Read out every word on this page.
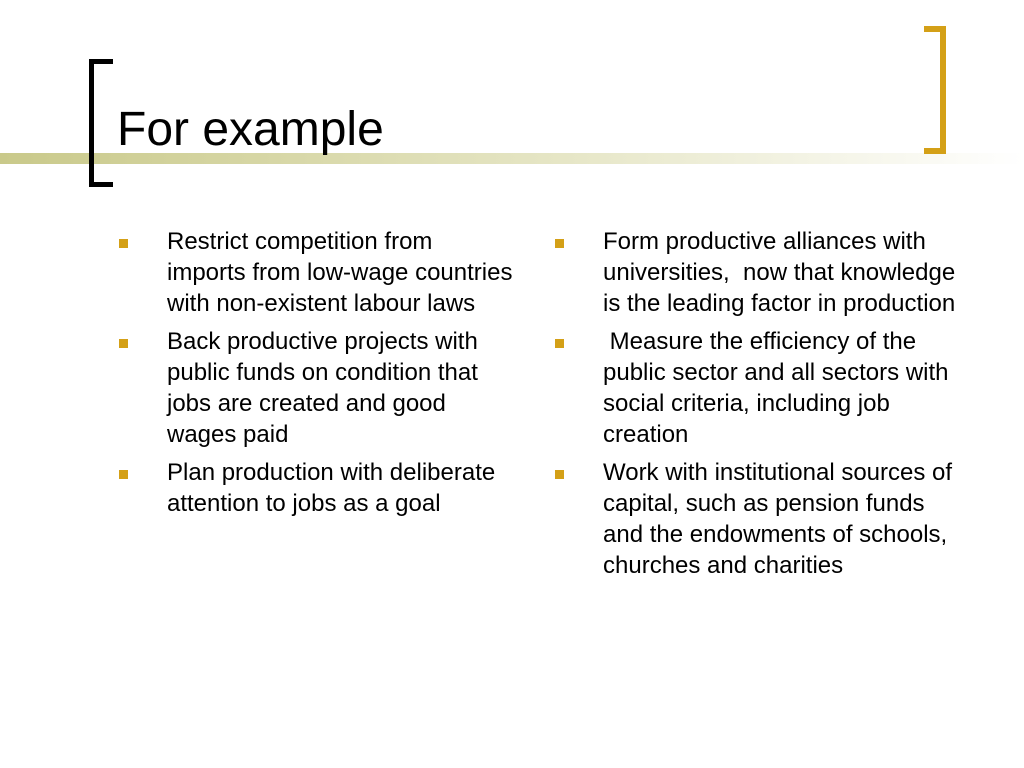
For example
Restrict competition from imports from low-wage countries with non-existent labour laws
Back productive projects with public funds on condition that jobs are created and good wages paid
Plan production with deliberate attention to jobs as a goal
Form productive alliances with universities,  now that knowledge is the leading factor in production
Measure the efficiency of the public sector and all sectors with social criteria, including job creation
Work with institutional sources of capital, such as pension funds and the endowments of schools, churches and charities
